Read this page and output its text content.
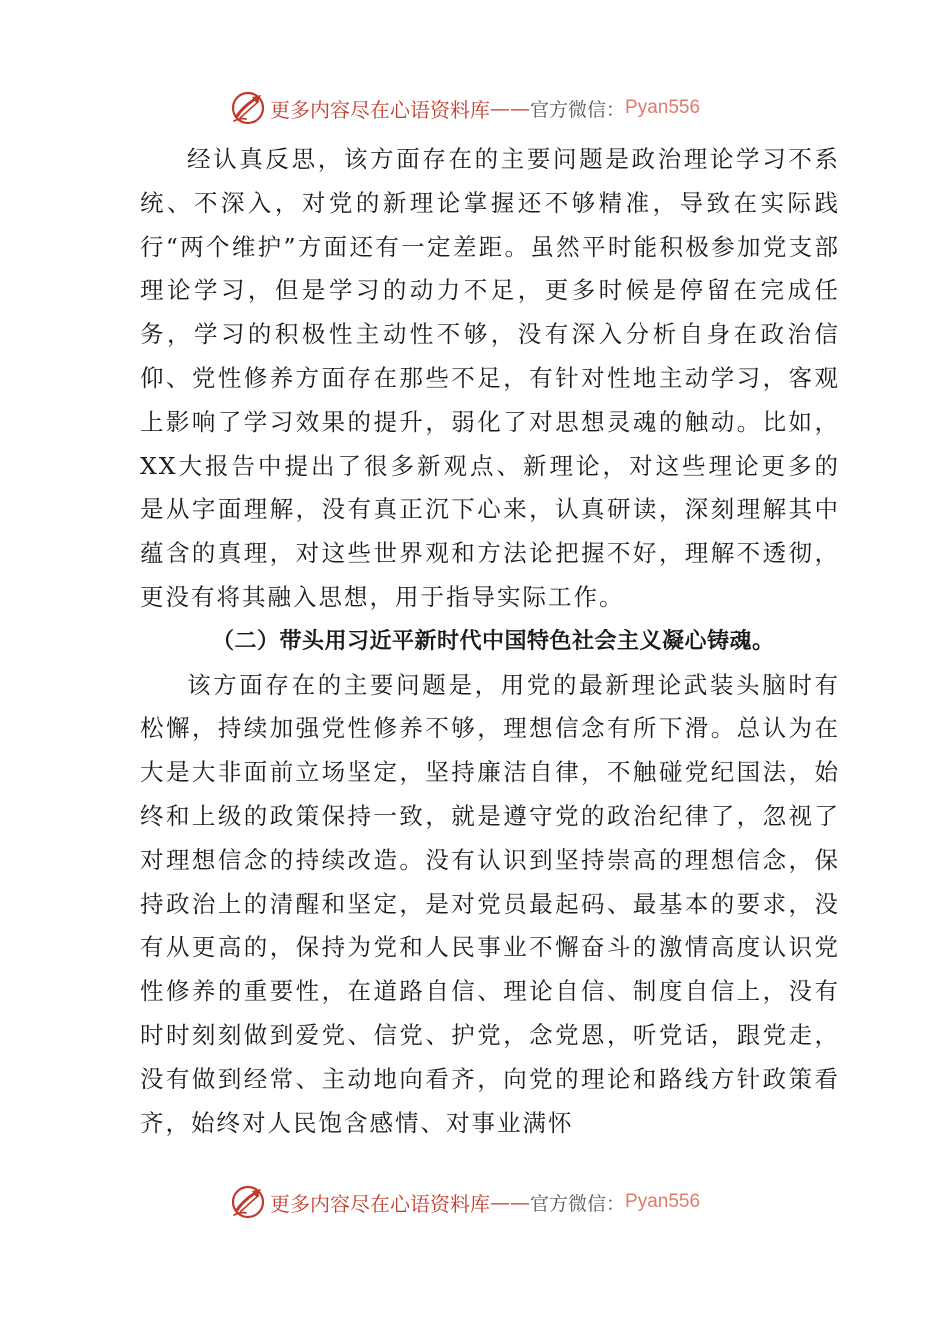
更多内容尽在心语资料库 —— 官方微信： Pyan556

经认真反思，该方面存在的主要问题是政治理论学习不系统、不深入，对党的新理论掌握还不够精准，导致在实际践行“两个维护”方面还有一定差距。虽然平时能积极参加党支部理论学习，但是学习的动力不足，更多时候是停留在完成任务，学习的积极性主动性不够，没有深入分析自身在政治信仰、党性修养方面存在那些不足，有针对性地主动学习，客观上影响了学习效果的提升，弱化了对思想灵魂的触动。比如，XX大报告中提出了很多新观点、新理论，对这些理论更多的是从字面理解，没有真正沉下心来，认真研读，深刻理解其中蕴含的真理，对这些世界观和方法论把握不好，理解不透彻，更没有将其融入思想，用于指导实际工作。

（二）带头用习近平新时代中国特色社会主义凝心铸魂。

该方面存在的主要问题是，用党的最新理论武装头脑时有松懈，持续加强党性修养不够，理想信念有所下滑。总认为在大是大非面前立场坚定，坚持廉洁自律，不触碰党纪国法，始终和上级的政策保持一致，就是遵守党的政治纪律了，忽视了对理想信念的持续改造。没有认识到坚持崇高的理想信念，保持政治上的清醒和坚定，是对党员最起码、最基本的要求，没有从更高的，保持为党和人民事业不懈奋斗的激情高度认识党性修养的重要性，在道路自信、理论自信、制度自信上，没有时时刻刻做到爱党、信党、护党，念党恩，听党话，跟党走，没有做到经常、主动地向看齐，向党的理论和路线方针政策看齐，始终对人民饱含感情、对事业满怀

更多内容尽在心语资料库 —— 官方微信： Pyan556
